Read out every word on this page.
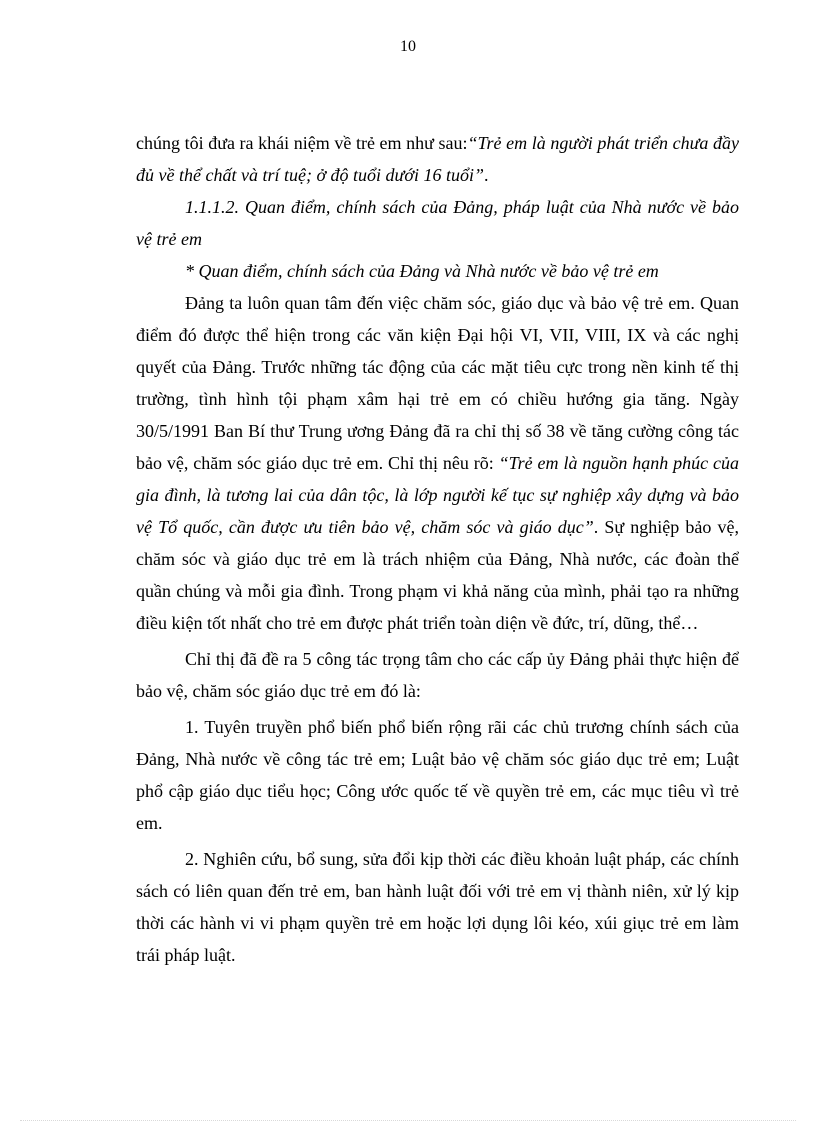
10

chúng tôi đưa ra khái niệm về trẻ em như sau:“Trẻ em là người phát triển chưa đầy đủ về thể chất và trí tuệ; ở độ tuổi dưới 16 tuổi”.

1.1.1.2. Quan điểm, chính sách của Đảng, pháp luật của Nhà nước về bảo vệ trẻ em

* Quan điểm, chính sách của Đảng và Nhà nước về bảo vệ trẻ em

Đảng ta luôn quan tâm đến việc chăm sóc, giáo dục và bảo vệ trẻ em. Quan điểm đó được thể hiện trong các văn kiện Đại hội VI, VII, VIII, IX và các nghị quyết của Đảng. Trước những tác động của các mặt tiêu cực trong nền kinh tế thị trường, tình hình tội phạm xâm hại trẻ em có chiều hướng gia tăng. Ngày 30/5/1991 Ban Bí thư Trung ương Đảng đã ra chỉ thị số 38 về tăng cường công tác bảo vệ, chăm sóc giáo dục trẻ em. Chỉ thị nêu rõ: “Trẻ em là nguồn hạnh phúc của gia đình, là tương lai của dân tộc, là lớp người kế tục sự nghiệp xây dựng và bảo vệ Tổ quốc, cần được ưu tiên bảo vệ, chăm sóc và giáo dục”. Sự nghiệp bảo vệ, chăm sóc và giáo dục trẻ em là trách nhiệm của Đảng, Nhà nước, các đoàn thể quần chúng và mỗi gia đình. Trong phạm vi khả năng của mình, phải tạo ra những điều kiện tốt nhất cho trẻ em được phát triển toàn diện về đức, trí, dũng, thể…

Chỉ thị đã đề ra 5 công tác trọng tâm cho các cấp ủy Đảng phải thực hiện để bảo vệ, chăm sóc giáo dục trẻ em đó là:

1. Tuyên truyền phổ biến phổ biến rộng rãi các chủ trương chính sách của Đảng, Nhà nước về công tác trẻ em; Luật bảo vệ chăm sóc giáo dục trẻ em; Luật phổ cập giáo dục tiểu học; Công ước quốc tế về quyền trẻ em, các mục tiêu vì trẻ em.

2. Nghiên cứu, bổ sung, sửa đổi kịp thời các điều khoản luật pháp, các chính sách có liên quan đến trẻ em, ban hành luật đối với trẻ em vị thành niên, xử lý kịp thời các hành vi vi phạm quyền trẻ em hoặc lợi dụng lôi kéo, xúi giục trẻ em làm trái pháp luật.
